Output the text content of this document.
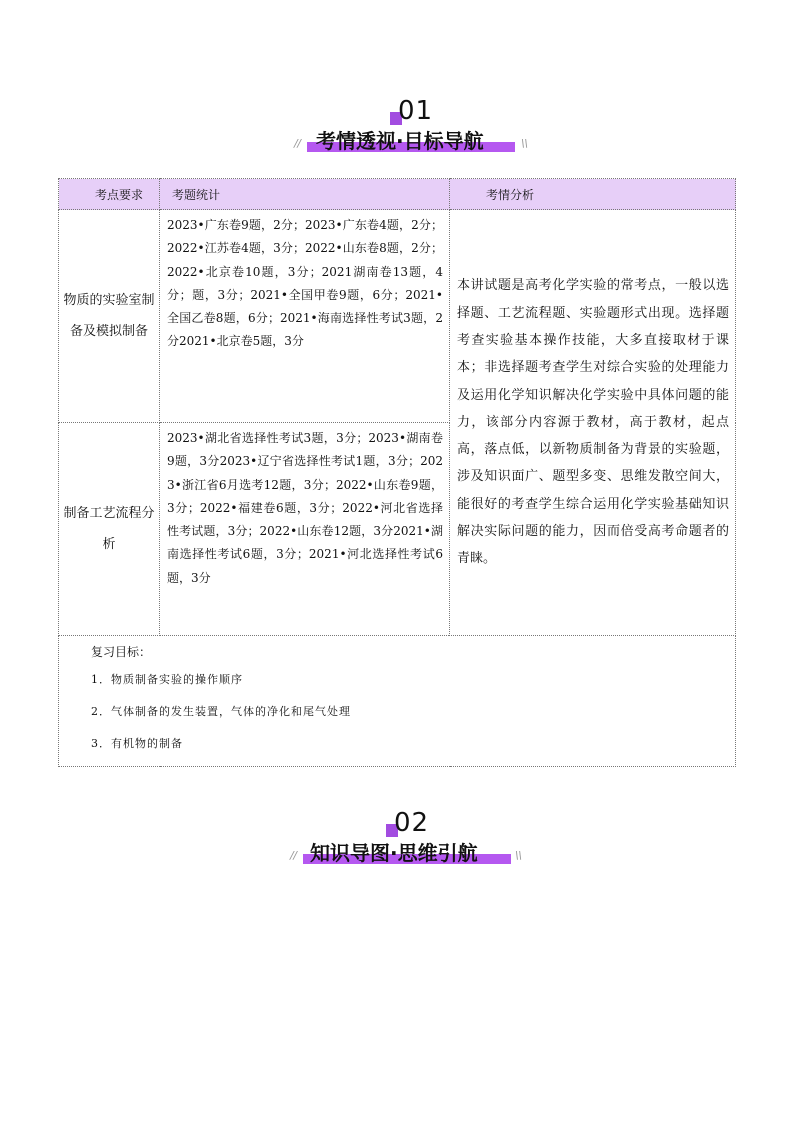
01
/ / 考情透视·目标导航	\ \
考点要求	考题统计	考情分析
物质的实验室制备及模拟制备	2023•广东卷9题，2分；2023•广东卷4题，2分；2022•江苏卷4题，3分；2022•山东卷8题，2分；2022•北京卷10题，3分；2021湖南卷13题，4分；题，3分；2021•全国甲卷9题，6分；2021•全国乙卷8题，6分；2021•海南选择性考试3题，2分2021•北京卷5题，3分	本讲试题是高考化学实验的常考点，一般以选择题、工艺流程题、实验题形式出现。选择题考查实验基本操作技能，大多直接取材于课本；非选择题考查学生对综合实验的处理能力及运用化学知识解决化学实验中具体问题的能力，该部分内容源于教材，高于教材，起点高，落点低，以新物质制备为背景的实验题，涉及知识面广、题型多变、思维发散空间大，能很好的考查学生综合运用化学实验基础知识解决实际问题的能力，因而倍受高考命题者的青睐。
制备工艺流程分析	2023•湖北省选择性考试3题，3分；2023•湖南卷9题，3分2023•辽宁省选择性考试1题，3分；2023•浙江省6月选考12题，3分；2022•山东卷9题，3分；2022•福建卷6题，3分；2022•河北省选择性考试题，3分；2022•山东卷12题，3分2021•湖南选择性考试6题，3分；2021•河北选择性考试6题，3分	

复习目标：
1．物质制备实验的操作顺序
2．气体制备的发生装置，气体的净化和尾气处理
3．有机物的制备		
02
/ / 知识导图·思维引航	\ \
